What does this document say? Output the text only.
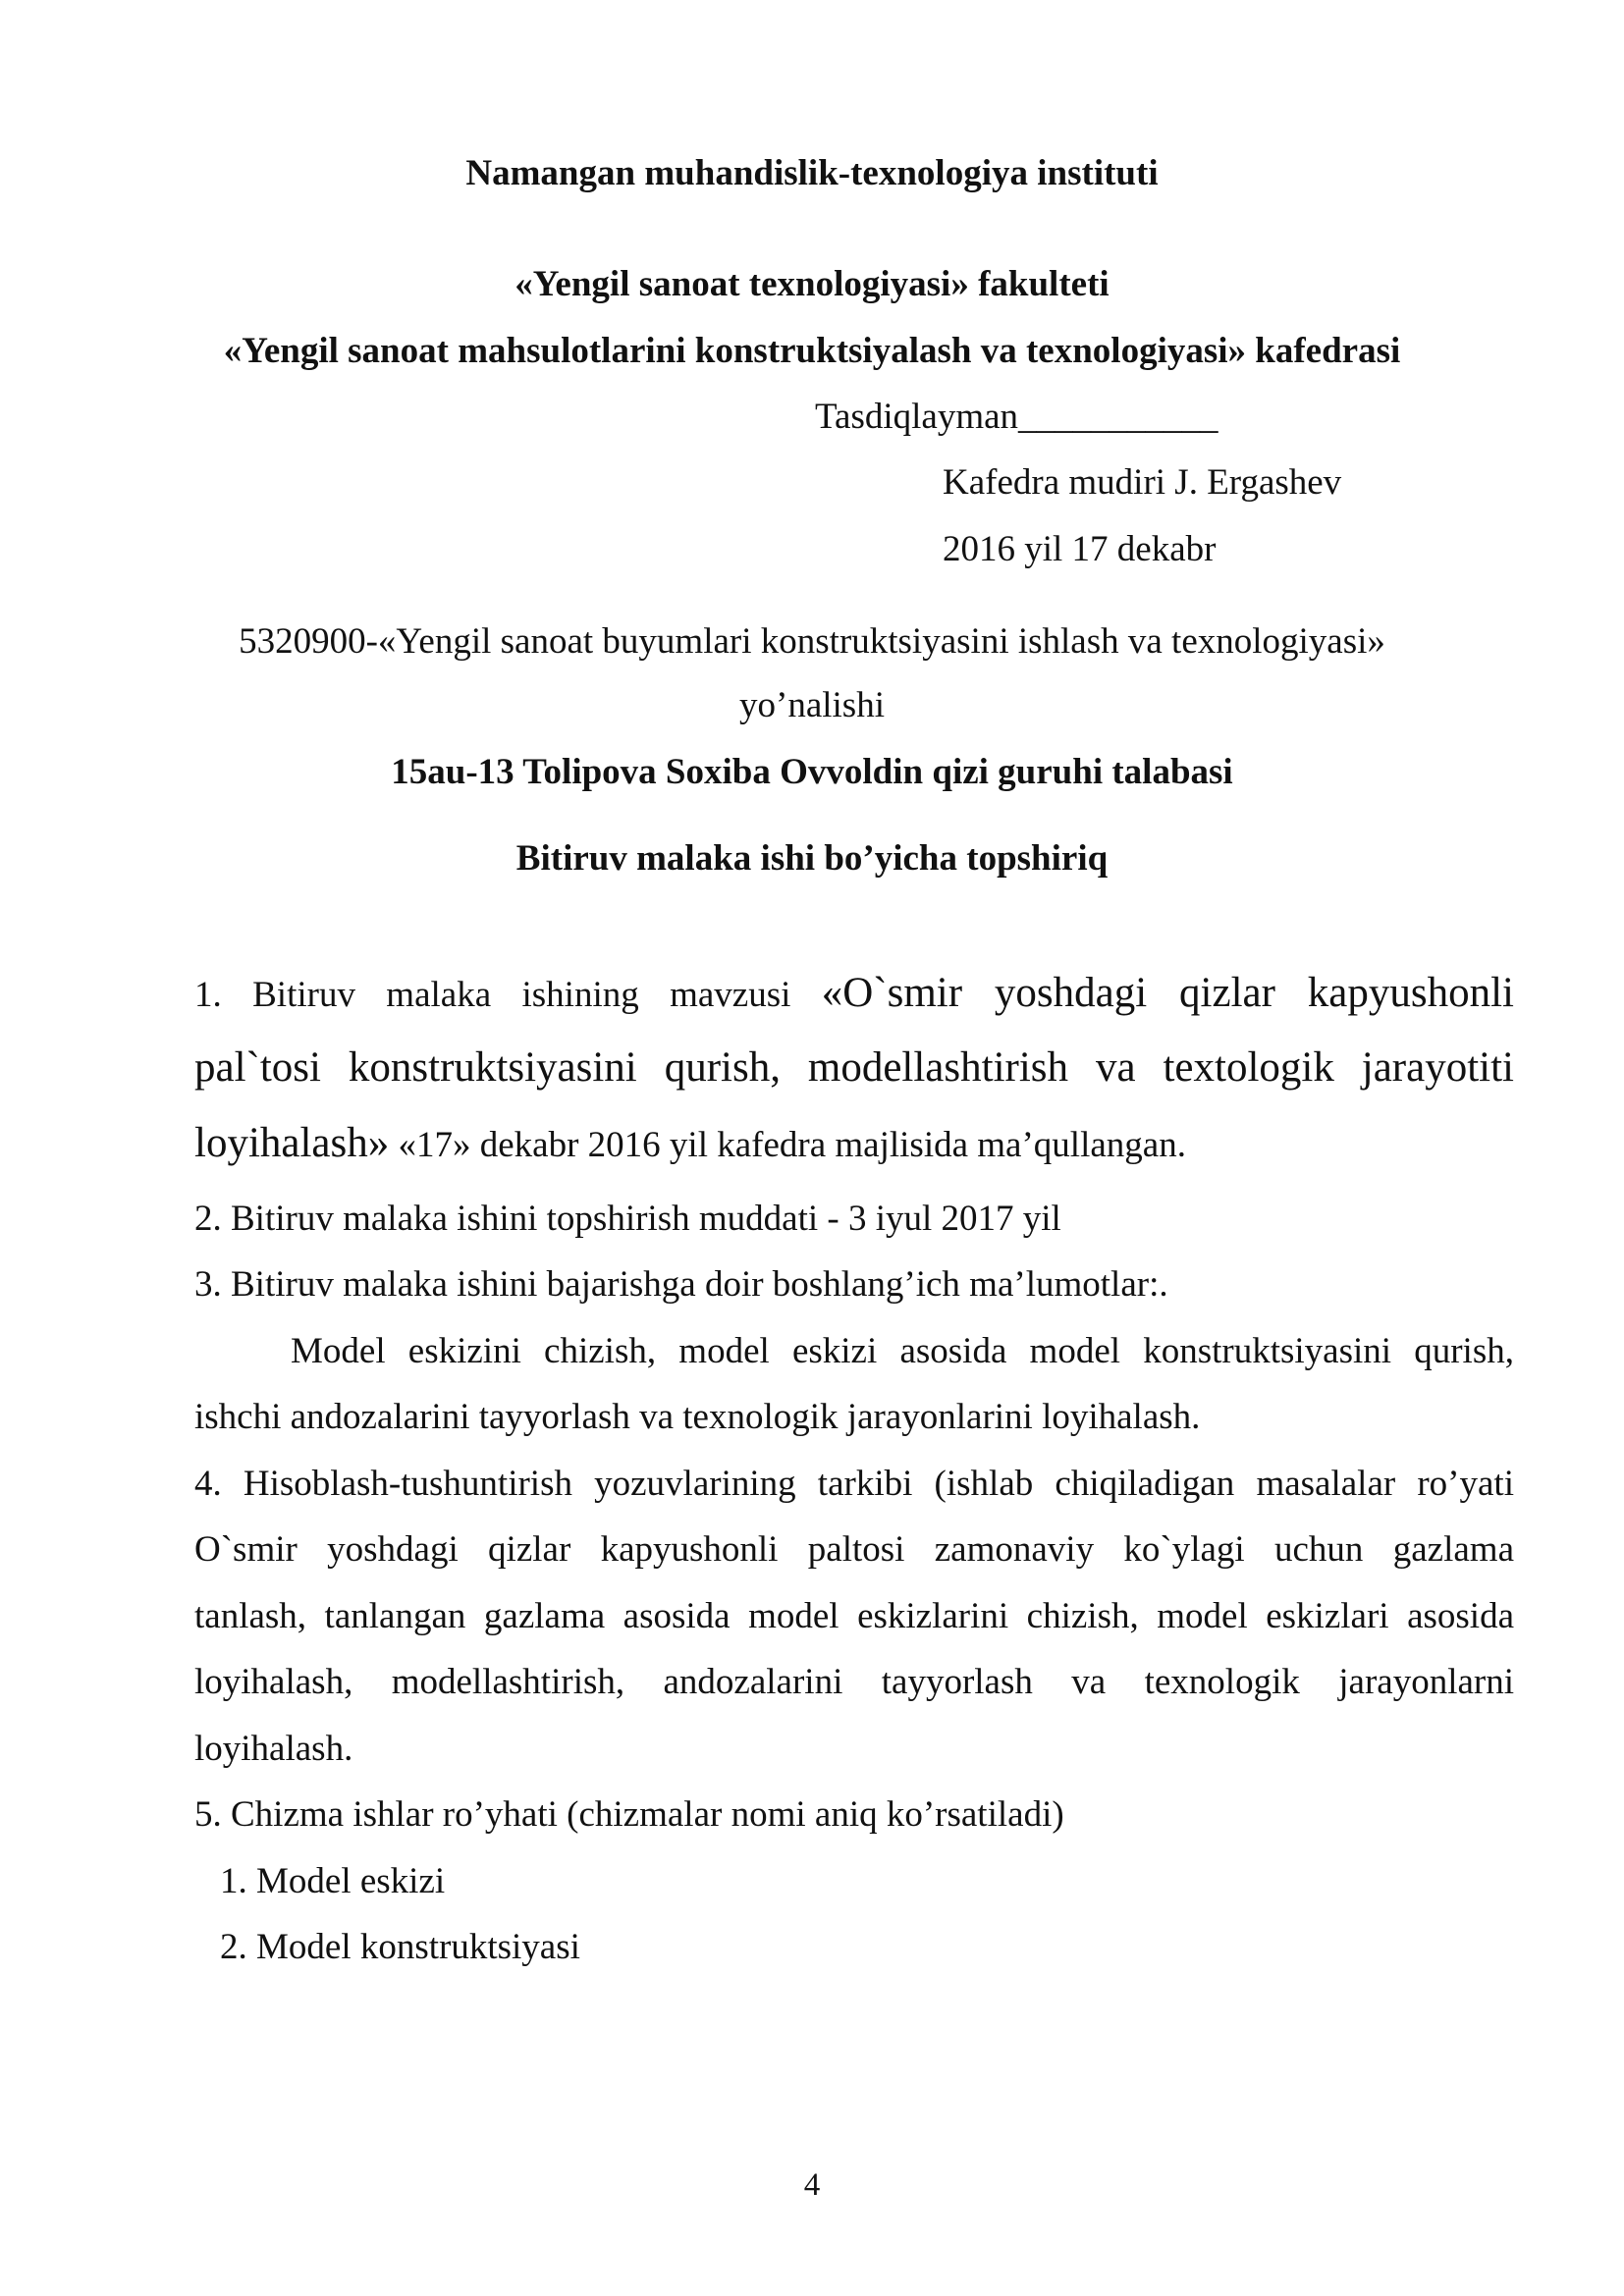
Namangan muhandislik-texnologiya instituti
«Yengil sanoat texnologiyasi» fakulteti
«Yengil sanoat mahsulotlarini konstruktsiyalash va texnologiyasi» kafedrasi
Tasdiqlayman___________
Kafedra mudiri J. Ergashev
2016 yil 17 dekabr
5320900-«Yengil sanoat buyumlari konstruktsiyasini ishlash va texnologiyasi»
yo’nalishi
15au-13 Tolipova Soxiba Ovvoldin qizi guruhi talabasi
Bitiruv malaka ishi bo’yicha topshiriq
1. Bitiruv malaka ishining mavzusi «O`smir yoshdagi qizlar kapyushonli
pal`tosi konstruktsiyasini qurish, modellashtirish va textologik jarayotiti
loyihalash» «17» dekabr 2016 yil kafedra majlisida ma’qullangan.
2. Bitiruv malaka ishini topshirish muddati - 3 iyul 2017 yil
3. Bitiruv malaka ishini bajarishga doir boshlang’ich ma’lumotlar:.
Model eskizini chizish, model eskizi asosida model konstruktsiyasini qurish,
ishchi andozalarini tayyorlash va texnologik jarayonlarini loyihalash.
4. Hisoblash-tushuntirish yozuvlarining tarkibi (ishlab chiqiladigan masalalar ro’yati
O`smir yoshdagi qizlar kapyushonli paltosi zamonaviy ko`ylagi uchun gazlama
tanlash, tanlangan gazlama asosida model eskizlarini chizish, model eskizlari asosida
loyihalash, modellashtirish, andozalarini tayyorlash va texnologik jarayonlarni
loyihalash.
5. Chizma ishlar ro’yhati (chizmalar nomi aniq ko’rsatiladi)
1. Model eskizi
2. Model konstruktsiyasi
4
